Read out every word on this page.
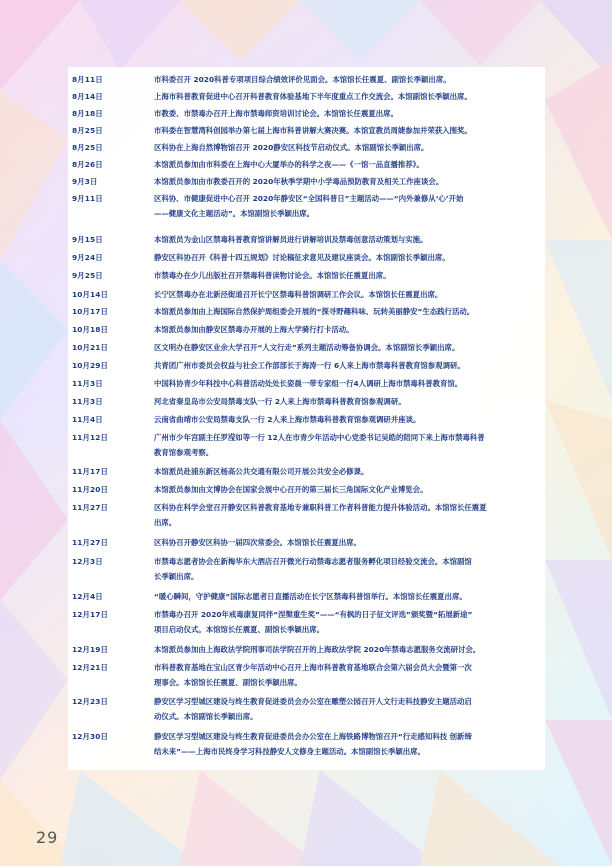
8月11日	市科委召开 2020科普专项项目综合绩效评价见面会。本馆馆长任震夏、副馆长季颖出席。
8月14日	上海市科普教育促进中心召开科普教育体验基地下半年度重点工作交流会。本馆副馆长季颖出席。
8月18日	市教委、市禁毒办召开上海市禁毒师资培训讨论会。本馆馆长任震夏出席。
8月25日	市科委在智慧湾科创园举办第七届上海市科普讲解大赛决赛。本馆宣教员周婕参加并荣获入围奖。
8月25日	区科协在上海自然博物馆召开 2020静安区科技节启动仪式。本馆副馆长季颖出席。
8月26日	本馆派员参加由市科委在上海中心大厦举办的科学之夜——《一馆一品直播推荐》。
9月3日	本馆派员参加由市教委召开的 2020年秋季学期中小学毒品预防教育及相关工作座谈会。
9月11日	区科协、市健康促进中心召开 2020年静安区“全国科普日”主题活动——“内外兼修从‘心’开始
——健康文化主题活动”。本馆副馆长季颖出席。
9月15日	本馆派员为金山区禁毒科普教育馆讲解员进行讲解培训及禁毒创意活动策划与实施。
9月24日	静安区科协召开《科普十四五规划》讨论稿征求意见及建议座谈会。本馆副馆长季颖出席。
9月25日	市禁毒办在少儿出版社召开禁毒科普读物讨论会。本馆馆长任震夏出席。
10月14日	长宁区禁毒办在北新泾街道召开长宁区禁毒科普馆调研工作会议。本馆馆长任震夏出席。
10月17日	本馆派员参加由上海国际自然保护周组委会开展的“探寻野趣科味、玩转美丽静安”生态践行活动。
10月18日	本馆派员参加由静安区禁毒办开展的上海大学骑行打卡活动。
10月21日	区文明办在静安区业余大学召开“人文行走”系列主题活动筹备协调会。本馆副馆长季颖出席。
10月29日	共青团广州市委员会权益与社会工作部部长于海涛一行 6人来上海市禁毒科普教育馆参观调研。
11月3日	中国科协青少年科技中心科普活动处处长姿晨一带专家组一行4人调研上海市禁毒科普教育馆。
11月3日	河北省秦皇岛市公安局禁毒支队一行 2人来上海市禁毒科普教育馆参观调研。
11月4日	云南省曲靖市公安局禁毒支队一行 2人来上海市禁毒科普教育馆参观调研并座谈。
11月12日	广州市少年宫副主任罗滢如等一行 12人在市青少年活动中心党委书记吴皓的陪同下来上海市禁毒科普
教育馆参观考察。
11月17日	本馆派员赴浦东新区杨高公共交通有限公司开展公共安全必修课。
11月20日	本馆派员参加由文博协会在国家会展中心召开的第三届长三角国际文化产业博览会。
11月27日	区科协在科学会堂召开静安区科普教育基地专兼职科普工作者科普能力提升体验活动。本馆馆长任震夏
出席。
11月27日	区科协召开静安区科协一届四次常委会。本馆馆长任震夏出席。
12月3日	市禁毒志愿者协会在新梅华东大酒店召开微光行动禁毒志愿者服务孵化项目经验交流会。本馆副馆
长季颖出席。
12月4日	“暖心瞬间，守护健康”国际志愿者日直播活动在长宁区禁毒科普馆举行。本馆馆长任震夏出席。
12月17日	市禁毒办召开 2020年戒毒康复同伴“涅槃重生奖”——“有枫的日子征文评选”颁奖暨“拓展新途”
项目启动仪式。本馆馆长任震夏、副馆长季颖出席。
12月19日	本馆派员参加由上海政法学院刑事司法学院召开的上海政法学院 2020年禁毒志愿服务交流研讨会。
12月21日	市科普教育基地在宝山区青少年活动中心召开上海市科普教育基地联合会第六届会员大会暨第一次
理事会。本馆馆长任震夏、副馆长季颖出席。
12月23日	静安区学习型城区建设与终生教育促进委员会办公室在雕塑公园召开人文行走科技静安主题活动启
动仪式。本馆副馆长季颖出席。
12月30日	静安区学习型城区建设与终生教育促进委员会办公室在上海铁路博物馆召开“行走感知科技 创新缔
结未来”——上海市民终身学习科技静安人文修身主题活动。本馆副馆长季颖出席。
29
